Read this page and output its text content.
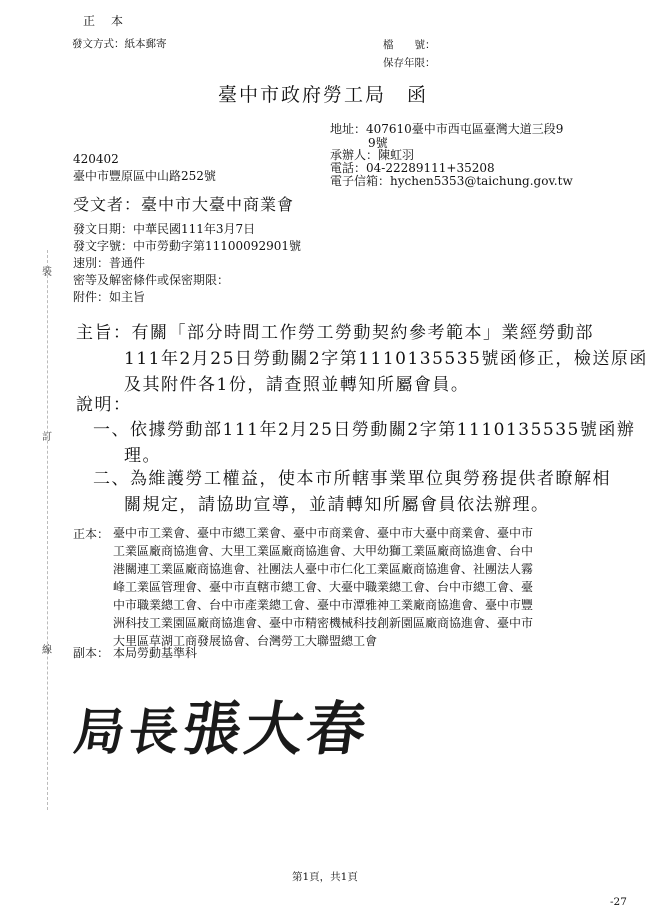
正　本
發文方式：紙本郵寄	檔　　號：
保存年限：
臺中市政府勞工局　函
地址：407610臺中市西屯區臺灣大道三段9
9號
承辦人：陳虹羽
電話：04-22289111+35208
電子信箱：hychen5353@taichung.gov.tw
420402
臺中市豐原區中山路252號
受文者：臺中市大臺中商業會
發文日期：中華民國111年3月7日
發文字號：中市勞動字第11100092901號
速別：普通件
密等及解密條件或保密期限：
附件：如主旨
主旨：有關「部分時間工作勞工勞動契約參考範本」業經勞動部
111年2月25日勞動關2字第1110135535號函修正，檢送原函
及其附件各1份，請查照並轉知所屬會員。
說明：
一、依據勞動部111年2月25日勞動關2字第1110135535號函辦
理。
二、為維護勞工權益，使本市所轄事業單位與勞務提供者瞭解相
關規定，請協助宣導，並請轉知所屬會員依法辦理。
正本： 臺中市工業會、臺中市總工業會、臺中市商業會、臺中市大臺中商業會、臺中市
工業區廠商協進會、大里工業區廠商協進會、大甲幼獅工業區廠商協進會、台中
港關連工業區廠商協進會、社團法人臺中市仁化工業區廠商協進會、社團法人霧
峰工業區管理會、臺中市直轄市總工會、大臺中職業總工會、台中市總工會、臺
中市職業總工會、台中市產業總工會、臺中市潭雅神工業廠商協進會、臺中市豐
洲科技工業園區廠商協進會、臺中市精密機械科技創新園區廠商協進會、臺中市
大里區草湖工商發展協會、台灣勞工大聯盟總工會
副本： 本局勞動基準科
局長張大春
裝
訂
線
第1頁，共1頁
-27
